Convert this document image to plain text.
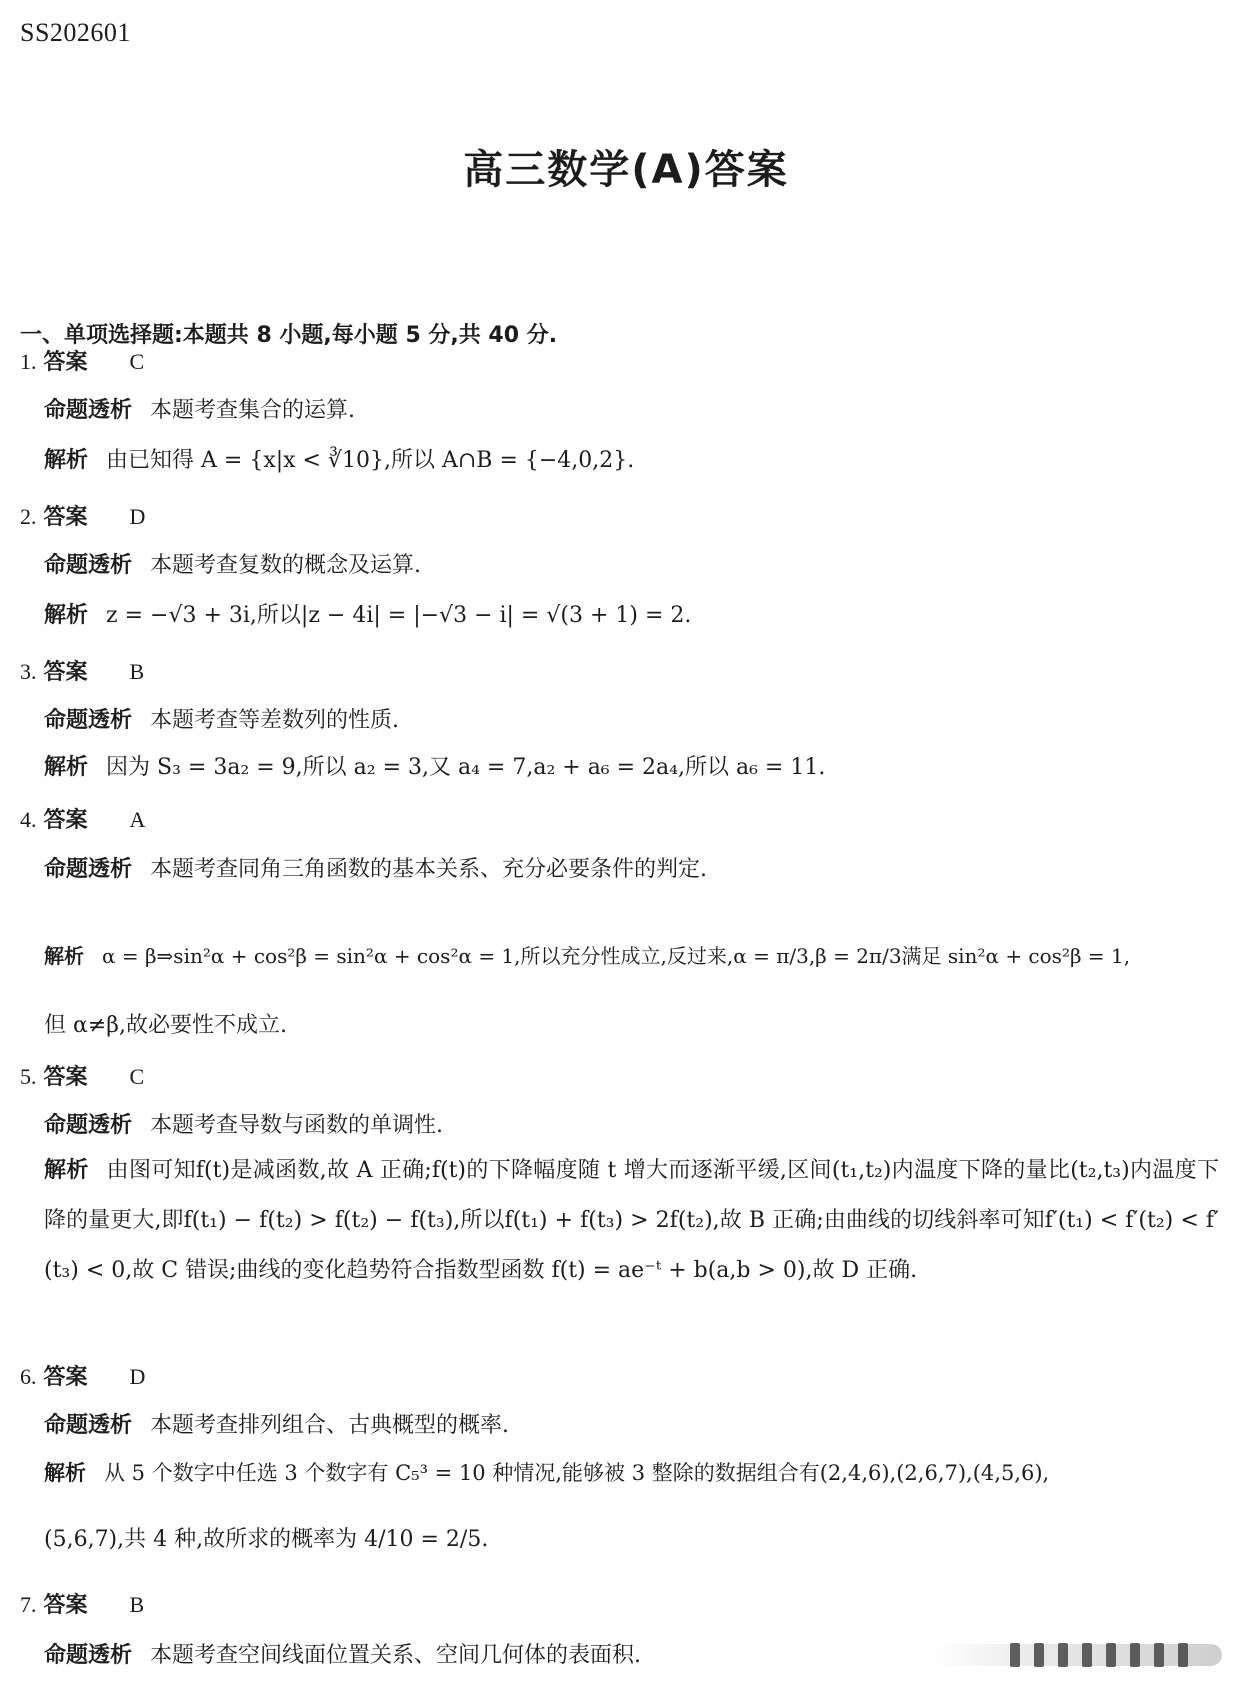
SS202601
高三数学(A)答案
一、单项选择题:本题共 8 小题,每小题 5 分,共 40 分.
1. 答案 C
命题透析 本题考查集合的运算.
解析 由已知得 A = {x|x < ∛10},所以 A∩B = {−4,0,2}.
2. 答案 D
命题透析 本题考查复数的概念及运算.
解析 z = −√3 + 3i,所以|z − 4i| = |−√3 − i| = √(3 + 1) = 2.
3. 答案 B
命题透析 本题考查等差数列的性质.
解析 因为 S₃ = 3a₂ = 9,所以 a₂ = 3,又 a₄ = 7,a₂ + a₆ = 2a₄,所以 a₆ = 11.
4. 答案 A
命题透析 本题考查同角三角函数的基本关系、充分必要条件的判定.
解析 α = β⇒sin²α + cos²β = sin²α + cos²α = 1,所以充分性成立,反过来,α = π/3,β = 2π/3满足 sin²α + cos²β = 1,
但 α≠β,故必要性不成立.
5. 答案 C
命题透析 本题考查导数与函数的单调性.
解析 由图可知f(t)是减函数,故 A 正确;f(t)的下降幅度随 t 增大而逐渐平缓,区间(t₁,t₂)内温度下降的量比(t₂,t₃)内温度下降的量更大,即f(t₁) − f(t₂) > f(t₂) − f(t₃),所以f(t₁) + f(t₃) > 2f(t₂),故 B 正确;由曲线的切线斜率可知f′(t₁) < f′(t₂) < f′(t₃) < 0,故 C 错误;曲线的变化趋势符合指数型函数 f(t) = ae⁻ᵗ + b(a,b > 0),故 D 正确.
6. 答案 D
命题透析 本题考查排列组合、古典概型的概率.
解析 从 5 个数字中任选 3 个数字有 C₅³ = 10 种情况,能够被 3 整除的数据组合有(2,4,6),(2,6,7),(4,5,6),
(5,6,7),共 4 种,故所求的概率为 4/10 = 2/5.
7. 答案 B
命题透析 本题考查空间线面位置关系、空间几何体的表面积.
